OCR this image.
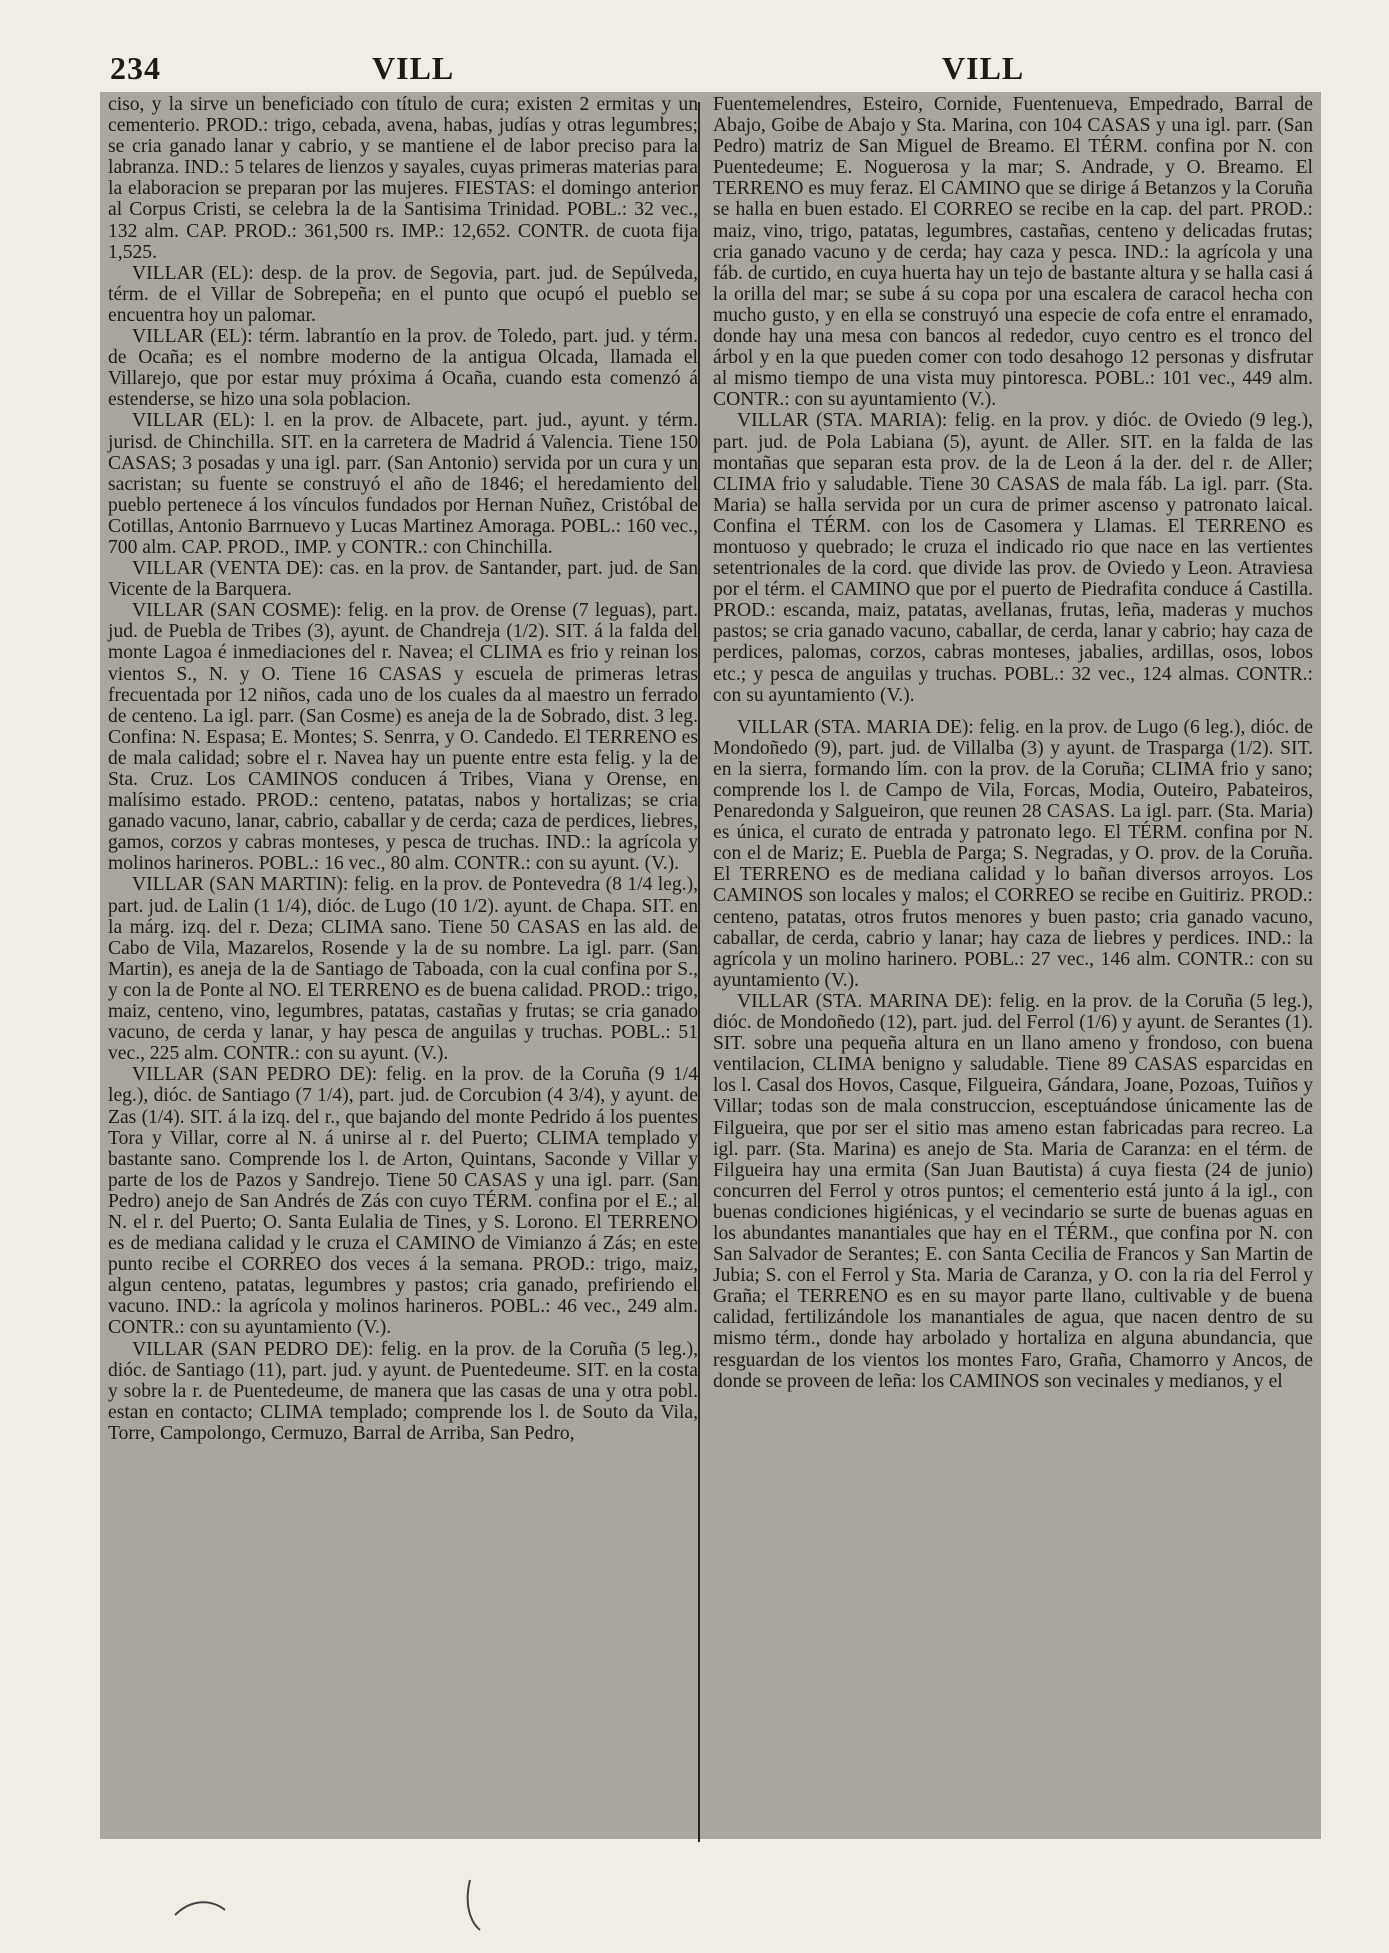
234	VILL	VILL

ciso, y la sirve un beneficiado con título de cura; existen 2 ermitas y un cementerio. PROD.: trigo, cebada, avena, habas, judías y otras legumbres; se cria ganado lanar y cabrio, y se mantiene el de labor preciso para la labranza. IND.: 5 telares de lienzos y sayales, cuyas primeras materias para la elaboracion se preparan por las mujeres. FIESTAS: el domingo anterior al Corpus Cristi, se celebra la de la Santisima Trinidad. POBL.: 32 vec., 132 alm. CAP. PROD.: 361,500 rs. IMP.: 12,652. CONTR. de cuota fija 1,525.

VILLAR (EL): desp. de la prov. de Segovia, part. jud. de Sepúlveda, térm. de el Villar de Sobrepeña; en el punto que ocupó el pueblo se encuentra hoy un palomar.

VILLAR (EL): térm. labrantío en la prov. de Toledo, part. jud. y térm. de Ocaña; es el nombre moderno de la antigua Olcada, llamada el Villarejo, que por estar muy próxima á Ocaña, cuando esta comenzó á estenderse, se hizo una sola poblacion.

VILLAR (EL): l. en la prov. de Albacete, part. jud., ayunt. y térm. jurisd. de Chinchilla. SIT. en la carretera de Madrid á Valencia. Tiene 150 CASAS; 3 posadas y una igl. parr. (San Antonio) servida por un cura y un sacristan; su fuente se construyó el año de 1846; el heredamiento del pueblo pertenece á los vínculos fundados por Hernan Nuñez, Cristóbal de Cotillas, Antonio Barrnuevo y Lucas Martinez Amoraga. POBL.: 160 vec., 700 alm. CAP. PROD., IMP. y CONTR.: con Chinchilla.

VILLAR (VENTA DE): cas. en la prov. de Santander, part. jud. de San Vicente de la Barquera.

VILLAR (SAN COSME): felig. en la prov. de Orense (7 leguas), part. jud. de Puebla de Tribes (3), ayunt. de Chandreja (1/2). SIT. á la falda del monte Lagoa é inmediaciones del r. Navea; el CLIMA es frio y reinan los vientos S., N. y O. Tiene 16 CASAS y escuela de primeras letras frecuentada por 12 niños, cada uno de los cuales da al maestro un ferrado de centeno. La igl. parr. (San Cosme) es aneja de la de Sobrado, dist. 3 leg. Confina: N. Espasa; E. Montes; S. Senrra, y O. Candedo. El TERRENO es de mala calidad; sobre el r. Navea hay un puente entre esta felig. y la de Sta. Cruz. Los CAMINOS conducen á Tribes, Viana y Orense, en malísimo estado. PROD.: centeno, patatas, nabos y hortalizas; se cria ganado vacuno, lanar, cabrio, caballar y de cerda; caza de perdices, liebres, gamos, corzos y cabras monteses, y pesca de truchas. IND.: la agrícola y molinos harineros. POBL.: 16 vec., 80 alm. CONTR.: con su ayunt. (V.).

VILLAR (SAN MARTIN): felig. en la prov. de Pontevedra (8 1/4 leg.), part. jud. de Lalin (1 1/4), dióc. de Lugo (10 1/2). ayunt. de Chapa. SIT. en la márg. izq. del r. Deza; CLIMA sano. Tiene 50 CASAS en las ald. de Cabo de Vila, Mazarelos, Rosende y la de su nombre. La igl. parr. (San Martin), es aneja de la de Santiago de Taboada, con la cual confina por S., y con la de Ponte al NO. El TERRENO es de buena calidad. PROD.: trigo, maiz, centeno, vino, legumbres, patatas, castañas y frutas; se cria ganado vacuno, de cerda y lanar, y hay pesca de anguilas y truchas. POBL.: 51 vec., 225 alm. CONTR.: con su ayunt. (V.).

VILLAR (SAN PEDRO DE): felig. en la prov. de la Coruña (9 1/4 leg.), dióc. de Santiago (7 1/4), part. jud. de Corcubion (4 3/4), y ayunt. de Zas (1/4). SIT. á la izq. del r., que bajando del monte Pedrido á los puentes Tora y Villar, corre al N. á unirse al r. del Puerto; CLIMA templado y bastante sano. Comprende los l. de Arton, Quintans, Saconde y Villar y parte de los de Pazos y Sandrejo. Tiene 50 CASAS y una igl. parr. (San Pedro) anejo de San Andrés de Zás con cuyo TÉRM. confina por el E.; al N. el r. del Puerto; O. Santa Eulalia de Tines, y S. Lorono. El TERRENO es de mediana calidad y le cruza el CAMINO de Vimianzo á Zás; en este punto recibe el CORREO dos veces á la semana. PROD.: trigo, maiz, algun centeno, patatas, legumbres y pastos; cria ganado, prefiriendo el vacuno. IND.: la agrícola y molinos harineros. POBL.: 46 vec., 249 alm. CONTR.: con su ayuntamiento (V.).

VILLAR (SAN PEDRO DE): felig. en la prov. de la Coruña (5 leg.), dióc. de Santiago (11), part. jud. y ayunt. de Puentedeume. SIT. en la costa y sobre la r. de Puentedeume, de manera que las casas de una y otra pobl. estan en contacto; CLIMA templado; comprende los l. de Souto da Vila, Torre, Campolongo, Cermuzo, Barral de Arriba, San Pedro,

Fuentemelendres, Esteiro, Cornide, Fuentenueva, Empedrado, Barral de Abajo, Goibe de Abajo y Sta. Marina, con 104 CASAS y una igl. parr. (San Pedro) matriz de San Miguel de Breamo. El TÉRM. confina por N. con Puentedeume; E. Noguerosa y la mar; S. Andrade, y O. Breamo. El TERRENO es muy feraz. El CAMINO que se dirige á Betanzos y la Coruña se halla en buen estado. El CORREO se recibe en la cap. del part. PROD.: maiz, vino, trigo, patatas, legumbres, castañas, centeno y delicadas frutas; cria ganado vacuno y de cerda; hay caza y pesca. IND.: la agrícola y una fáb. de curtido, en cuya huerta hay un tejo de bastante altura y se halla casi á la orilla del mar; se sube á su copa por una escalera de caracol hecha con mucho gusto, y en ella se construyó una especie de cofa entre el enramado, donde hay una mesa con bancos al rededor, cuyo centro es el tronco del árbol y en la que pueden comer con todo desahogo 12 personas y disfrutar al mismo tiempo de una vista muy pintoresca. POBL.: 101 vec., 449 alm. CONTR.: con su ayuntamiento (V.).

VILLAR (STA. MARIA): felig. en la prov. y dióc. de Oviedo (9 leg.), part. jud. de Pola Labiana (5), ayunt. de Aller. SIT. en la falda de las montañas que separan esta prov. de la de Leon á la der. del r. de Aller; CLIMA frio y saludable. Tiene 30 CASAS de mala fáb. La igl. parr. (Sta. Maria) se halla servida por un cura de primer ascenso y patronato laical. Confina el TÉRM. con los de Casomera y Llamas. El TERRENO es montuoso y quebrado; le cruza el indicado rio que nace en las vertientes setentrionales de la cord. que divide las prov. de Oviedo y Leon. Atraviesa por el térm. el CAMINO que por el puerto de Piedrafita conduce á Castilla. PROD.: escanda, maiz, patatas, avellanas, frutas, leña, maderas y muchos pastos; se cria ganado vacuno, caballar, de cerda, lanar y cabrio; hay caza de perdices, palomas, corzos, cabras monteses, jabalies, ardillas, osos, lobos etc.; y pesca de anguilas y truchas. POBL.: 32 vec., 124 almas. CONTR.: con su ayuntamiento (V.).

VILLAR (STA. MARIA DE): felig. en la prov. de Lugo (6 leg.), dióc. de Mondoñedo (9), part. jud. de Villalba (3) y ayunt. de Trasparga (1/2). SIT. en la sierra, formando lím. con la prov. de la Coruña; CLIMA frio y sano; comprende los l. de Campo de Vila, Forcas, Modia, Outeiro, Pabateiros, Penaredonda y Salgueiron, que reunen 28 CASAS. La igl. parr. (Sta. Maria) es única, el curato de entrada y patronato lego. El TÉRM. confina por N. con el de Mariz; E. Puebla de Parga; S. Negradas, y O. prov. de la Coruña. El TERRENO es de mediana calidad y lo bañan diversos arroyos. Los CAMINOS son locales y malos; el CORREO se recibe en Guitiriz. PROD.: centeno, patatas, otros frutos menores y buen pasto; cria ganado vacuno, caballar, de cerda, cabrio y lanar; hay caza de liebres y perdices. IND.: la agrícola y un molino harinero. POBL.: 27 vec., 146 alm. CONTR.: con su ayuntamiento (V.).

VILLAR (STA. MARINA DE): felig. en la prov. de la Coruña (5 leg.), dióc. de Mondoñedo (12), part. jud. del Ferrol (1/6) y ayunt. de Serantes (1). SIT. sobre una pequeña altura en un llano ameno y frondoso, con buena ventilacion, CLIMA benigno y saludable. Tiene 89 CASAS esparcidas en los l. Casal dos Hovos, Casque, Filgueira, Gándara, Joane, Pozoas, Tuiños y Villar; todas son de mala construccion, esceptuándose únicamente las de Filgueira, que por ser el sitio mas ameno estan fabricadas para recreo. La igl. parr. (Sta. Marina) es anejo de Sta. Maria de Caranza: en el térm. de Filgueira hay una ermita (San Juan Bautista) á cuya fiesta (24 de junio) concurren del Ferrol y otros puntos; el cementerio está junto á la igl., con buenas condiciones higiénicas, y el vecindario se surte de buenas aguas en los abundantes manantiales que hay en el TÉRM., que confina por N. con San Salvador de Serantes; E. con Santa Cecilia de Francos y San Martin de Jubia; S. con el Ferrol y Sta. Maria de Caranza, y O. con la ria del Ferrol y Graña; el TERRENO es en su mayor parte llano, cultivable y de buena calidad, fertilizándole los manantiales de agua, que nacen dentro de su mismo térm., donde hay arbolado y hortaliza en alguna abundancia, que resguardan de los vientos los montes Faro, Graña, Chamorro y Ancos, de donde se proveen de leña: los CAMINOS son vecinales y medianos, y el
